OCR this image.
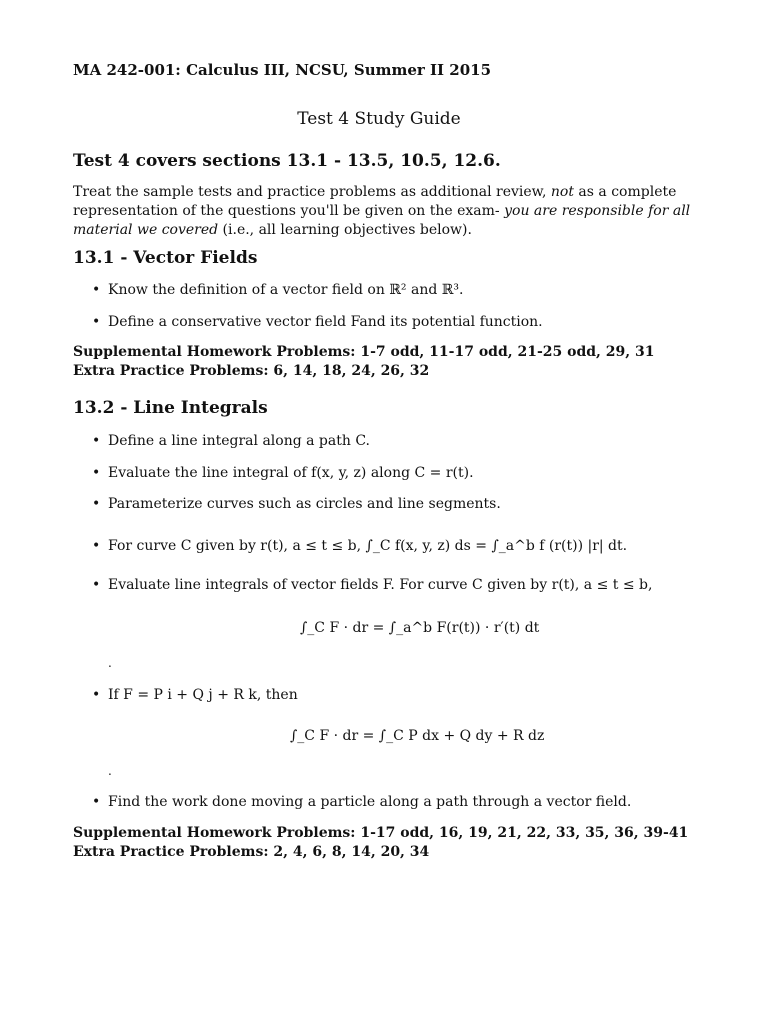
MA 242-001: Calculus III, NCSU, Summer II 2015
Test 4 Study Guide
Test 4 covers sections 13.1 - 13.5, 10.5, 12.6.
Treat the sample tests and practice problems as additional review, not as a complete representation of the questions you'll be given on the exam- you are responsible for all material we covered (i.e., all learning objectives below).
13.1 - Vector Fields
• Know the definition of a vector field on ℝ² and ℝ³.
• Define a conservative vector field Fand its potential function.
Supplemental Homework Problems: 1-7 odd, 11-17 odd, 21-25 odd, 29, 31
Extra Practice Problems: 6, 14, 18, 24, 26, 32
13.2 - Line Integrals
• Define a line integral along a path C.
• Evaluate the line integral of f(x, y, z) along C = r(t).
• Parameterize curves such as circles and line segments.
• For curve C given by r(t), a ≤ t ≤ b, ∫_C f(x, y, z) ds = ∫_a^b f (r(t)) |r| dt.
• Evaluate line integrals of vector fields F. For curve C given by r(t), a ≤ t ≤ b,
∫_C F · dr = ∫_a^b F(r(t)) · r′(t) dt
.
• If F = P i + Q j + R k, then
∫_C F · dr = ∫_C P dx + Q dy + R dz
.
• Find the work done moving a particle along a path through a vector field.
Supplemental Homework Problems: 1-17 odd, 16, 19, 21, 22, 33, 35, 36, 39-41
Extra Practice Problems: 2, 4, 6, 8, 14, 20, 34
